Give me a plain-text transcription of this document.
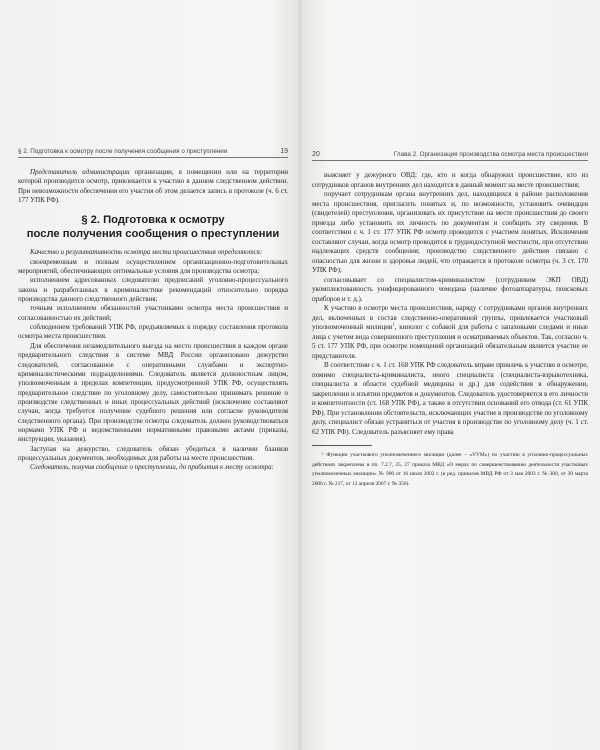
§ 2. Подготовка к осмотру после получения сообщения о преступлении	19

Представитель администрации организации, в помещении или на территории которой производится осмотр, привлекается к участию в данном следственном действии. При невозможности обеспечения его участия об этом делается запись в протоколе (ч. 6 ст. 177 УПК РФ).

§ 2. Подготовка к осмотру
после получения сообщения о преступлении

Качество и результативность осмотра места происшествия определяются:

своевременным и полным осуществлением организационно-подготовительных мероприятий, обеспечивающих оптимальные условия для производства осмотра;

исполнением адресованных следователю предписаний уголовно-процессуального закона и разработанных в криминалистике рекомендаций относительно порядка производства данного следственного действия;

точным исполнением обязанностей участниками осмотра места происшествия и согласованностью их действий;

соблюдением требований УПК РФ, предъявляемых к порядку составления протокола осмотра места происшествия.

Для обеспечения незамедлительного выезда на место происшествия в каждом органе предварительного следствия в системе МВД России организовано дежурство следователей, согласованное с оперативными службами и экспертно-криминалистическими подразделениями. Следователь является должностным лицом, уполномоченным в пределах компетенции, предусмотренной УПК РФ, осуществлять предварительное следствие по уголовному делу, самостоятельно принимать решение о производстве следственных и иных процессуальных действий (исключение составляют случаи, когда требуется получение судебного решения или согласие руководителя следственного органа). При производстве осмотра следователь должен руководствоваться нормами УПК РФ и ведомственными нормативными правовыми актами (приказы, инструкции, указания).

Заступая на дежурство, следователь обязан убедиться в наличии бланков процессуальных документов, необходимых для работы на месте происшествия.

Следователь, получив сообщение о преступлении, до прибытия к месту осмотра:

20	Глава 2. Организация производства осмотра места происшествия

выясняет у дежурного ОВД: где, кто и когда обнаружил происшествие, кто из сотрудников органов внутренних дел находится в данный момент на месте происшествия;

поручает сотрудникам органа внутренних дел, находящихся в районе расположения места происшествия, пригласить понятых и, по возможности, установить очевидцев (свидетелей) преступления, организовать их присутствие на месте происшествия до своего приезда либо установить их личность по документам и сообщить эту сведения. В соответствии с ч. 1 ст. 177 УПК РФ осмотр проводится с участием понятых. Исключения составляют случаи, когда осмотр проводится в труднодоступной местности, при отсутствии надлежащих средств сообщения; производство следственного действия связано с опасностью для жизни и здоровья людей, что отражается в протоколе осмотра (ч. 3 ст. 170 УПК РФ);

согласовывает со специалистом-криминалистом (сотрудником ЭКП ОВД) укомплектованность унифицированного чемодана (наличие фотоаппаратуры, поисковых приборов и т. д.).

К участию в осмотре места происшествия, наряду с сотрудниками органов внутренних дел, включенных в состав следственно-оперативной группы, привлекается участковый уполномоченный милиции$^1$, кинолог с собакой для работы с запаховыми следами и иные лица с учетом вида совершенного преступления и осматриваемых объектов. Так, согласно ч. 5 ст. 177 УПК РФ, при осмотре помещений организаций обязательным является участие ее представителя.

В соответствии с ч. 1 ст. 168 УПК РФ следователь вправе привлечь к участию в осмотре, помимо специалиста-криминалиста, иного специалиста (специалиста-взрывотехника, специалиста в области судебной медицины и др.) для содействия в обнаружении, закреплении и изъятии предметов и документов. Следователь удостоверяется в его личности и компетентности (ст. 168 УПК РФ), а также в отсутствии оснований его отвода (ст. 61 УПК РФ). При установлении обстоятельств, исключающих участие в производстве по уголовному делу, специалист обязан устраниться от участия в производстве по уголовному делу (ч. 1 ст. 62 УПК РФ). Следователь разъясняет ему права

¹ Функции участкового уполномоченного милиции (далее – «УУМ») по участию в уголовно-процессуальных действиях закреплены в пп. 7.2.7, 25, 27 приказа МВД «О мерах по совершенствованию деятельности участковых уполномоченных милиции» № 900 от 16 июля 2002 г. (в ред. приказов МВД РФ от 3 мая 2003 г. № 300, от 30 марта 2006 г. № 217, от 12 апреля 2007 г. № 356).
